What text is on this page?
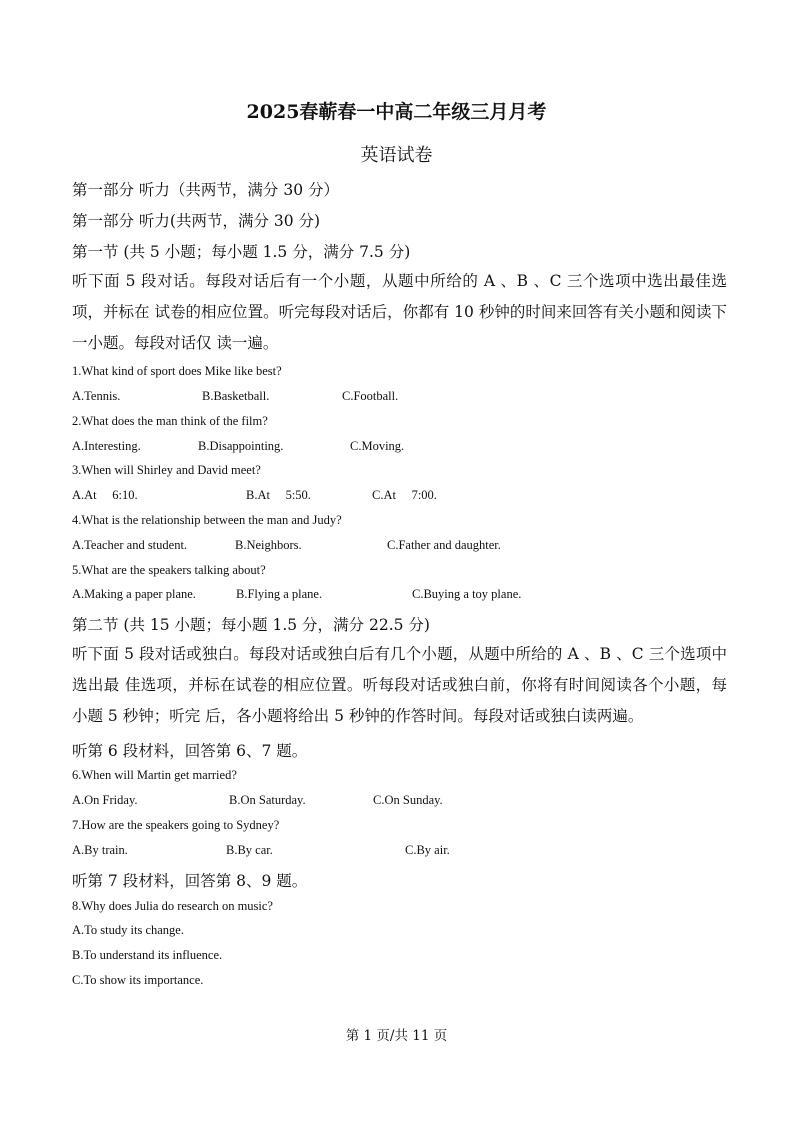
2025春蕲春一中高二年级三月月考
英语试卷
第一部分 听力（共两节，满分 30 分）
第一部分 听力(共两节，满分 30 分)
第一节 (共 5 小题；每小题 1.5 分，满分 7.5 分)
听下面 5 段对话。每段对话后有一个小题，从题中所给的 A 、B 、C 三个选项中选出最佳选项，并标在 试卷的相应位置。听完每段对话后，你都有 10 秒钟的时间来回答有关小题和阅读下一小题。每段对话仅 读一遍。
1.What kind of sport does Mike like best?
A.Tennis.	B.Basketball.	C.Football.
2.What does the man think of the film?
A.Interesting.	B.Disappointing.	C.Moving.
3.When will Shirley and David meet?
A.At     6:10.	B.At     5:50.	C.At     7:00.
4.What is the relationship between the man and Judy?
A.Teacher and student.	B.Neighbors.	C.Father and daughter.
5.What are the speakers talking about?
A.Making a paper plane.	B.Flying a plane.	C.Buying a toy plane.
第二节 (共 15 小题；每小题 1.5 分，满分 22.5 分)
听下面 5 段对话或独白。每段对话或独白后有几个小题，从题中所给的 A 、B 、C 三个选项中选出最 佳选项，并标在试卷的相应位置。听每段对话或独白前，你将有时间阅读各个小题，每小题 5 秒钟；听完 后，各小题将给出 5 秒钟的作答时间。每段对话或独白读两遍。
听第 6 段材料，回答第 6、7 题。
6.When will Martin get married?
A.On Friday.	B.On Saturday.	C.On Sunday.
7.How are the speakers going to Sydney?
A.By train.	B.By car.	C.By air.
听第 7 段材料，回答第 8、9 题。
8.Why does Julia do research on music?
A.To study its change.
B.To understand its influence.
C.To show its importance.
第 1 页/共 11 页
